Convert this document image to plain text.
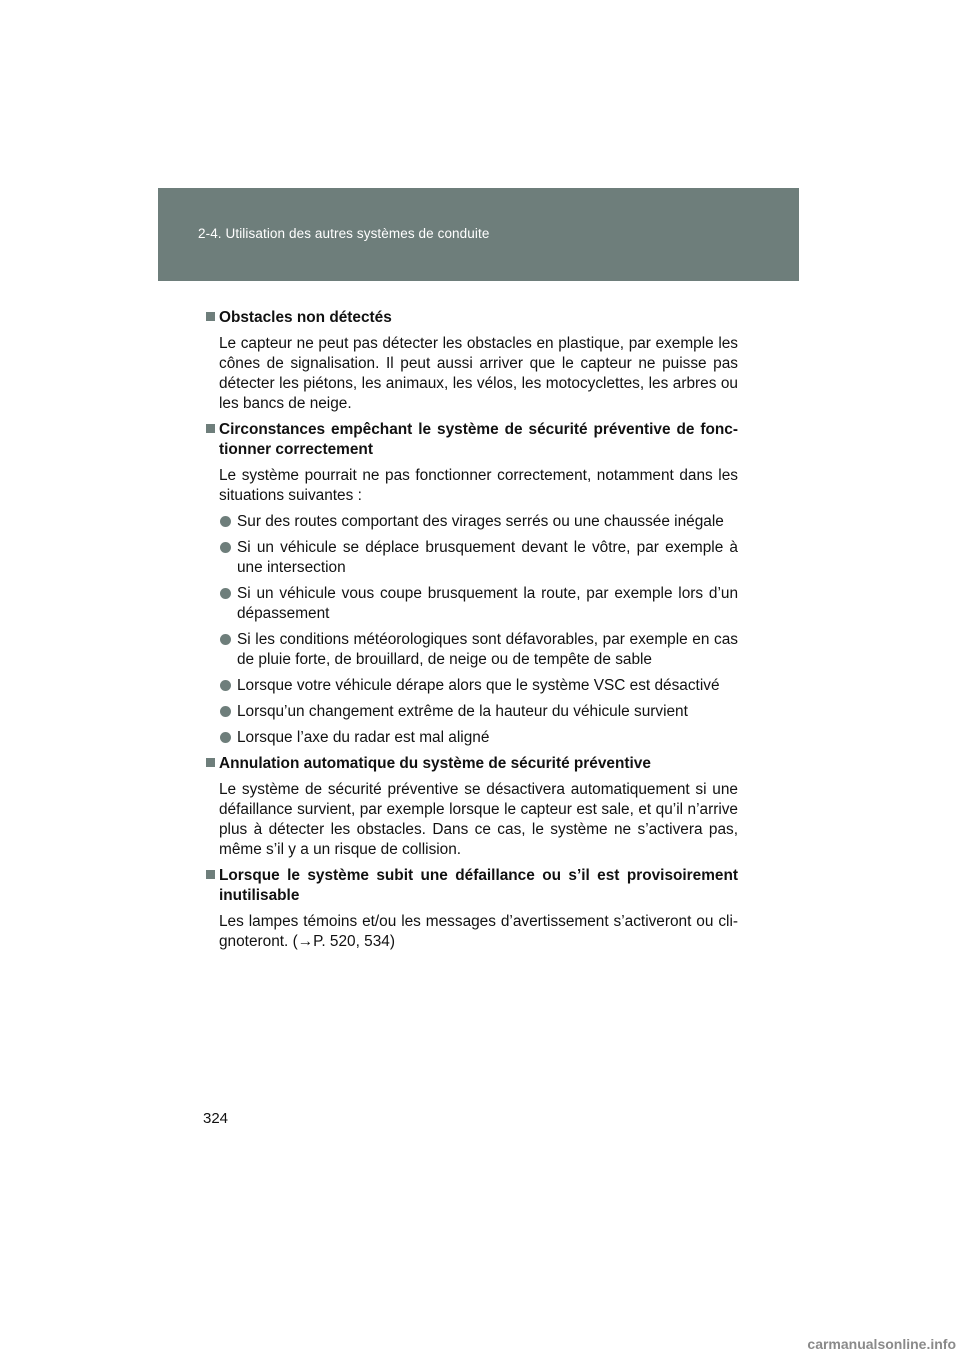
2-4. Utilisation des autres systèmes de conduite
Obstacles non détectés
Le capteur ne peut pas détecter les obstacles en plastique, par exemple les cônes de signalisation. Il peut aussi arriver que le capteur ne puisse pas détecter les piétons, les animaux, les vélos, les motocyclettes, les arbres ou les bancs de neige.
Circonstances empêchant le système de sécurité préventive de fonc-tionner correctement
Le système pourrait ne pas fonctionner correctement, notamment dans les situations suivantes :
Sur des routes comportant des virages serrés ou une chaussée inégale
Si un véhicule se déplace brusquement devant le vôtre, par exemple à une intersection
Si un véhicule vous coupe brusquement la route, par exemple lors d’un dépassement
Si les conditions météorologiques sont défavorables, par exemple en cas de pluie forte, de brouillard, de neige ou de tempête de sable
Lorsque votre véhicule dérape alors que le système VSC est désactivé
Lorsqu’un changement extrême de la hauteur du véhicule survient
Lorsque l’axe du radar est mal aligné
Annulation automatique du système de sécurité préventive
Le système de sécurité préventive se désactivera automatiquement si une défaillance survient, par exemple lorsque le capteur est sale, et qu’il n’arrive plus à détecter les obstacles. Dans ce cas, le système ne s’activera pas, même s’il y a un risque de collision.
Lorsque le système subit une défaillance ou s’il est provisoirement inutilisable
Les lampes témoins et/ou les messages d’avertissement s’activeront ou cli-gnoteront. (→P. 520, 534)
324
carmanualsonline.info
